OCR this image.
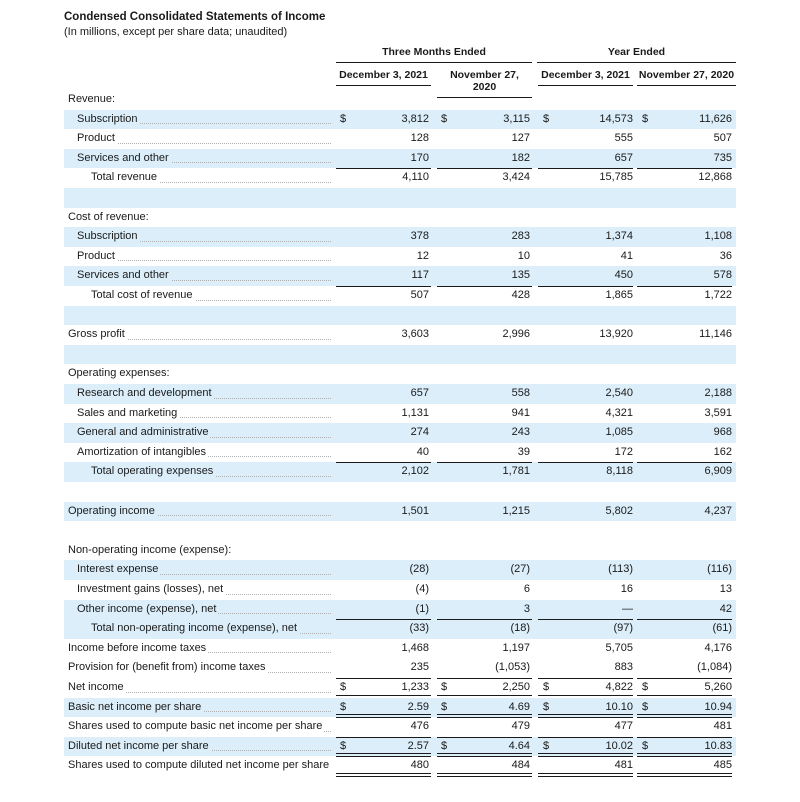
Condensed Consolidated Statements of Income
(In millions, except per share data; unaudited)
Three Months Ended	Year Ended
December 3, 2021	November 27, 2020
December 3, 2021 November 27, 2020
Revenue:
Subscription	$	3,812 $	3,115 $	14,573 $	11,626
Product	128	127	555	507
Services and other	170	182	657	735
Total revenue	4,110	3,424	15,785	12,868
Cost of revenue:
Subscription	378	283	1,374	1,108
Product	12	10	41	36
Services and other	117	135	450	578
Total cost of revenue	507	428	1,865	1,722
Gross profit	3,603	2,996	13,920	11,146
Operating expenses:
Research and development	657	558	2,540	2,188
Sales and marketing	1,131	941	4,321	3,591
General and administrative	274	243	1,085	968
Amortization of intangibles	40	39	172	162
Total operating expenses	2,102	1,781	8,118	6,909
Operating income	1,501	1,215	5,802	4,237
Non-operating income (expense):
Interest expense	(28)	(27)	(113)	(116)
Investment gains (losses), net	(4)	6	16	13
Other income (expense), net	(1)	3	—	42
Total non-operating income (expense), net	(33)	(18)	(97)	(61)
Income before income taxes	1,468	1,197	5,705	4,176
Provision for (benefit from) income taxes	235	(1,053)	883	(1,084)
Net income	$	1,233 $	2,250 $	4,822 $	5,260
Basic net income per share	$	2.59 $	4.69 $	10.10 $	10.94
Shares used to compute basic net income per share	476	479	477	481
Diluted net income per share	$	2.57 $	4.64 $	10.02 $	10.83
Shares used to compute diluted net income per share	480	484	481	485
